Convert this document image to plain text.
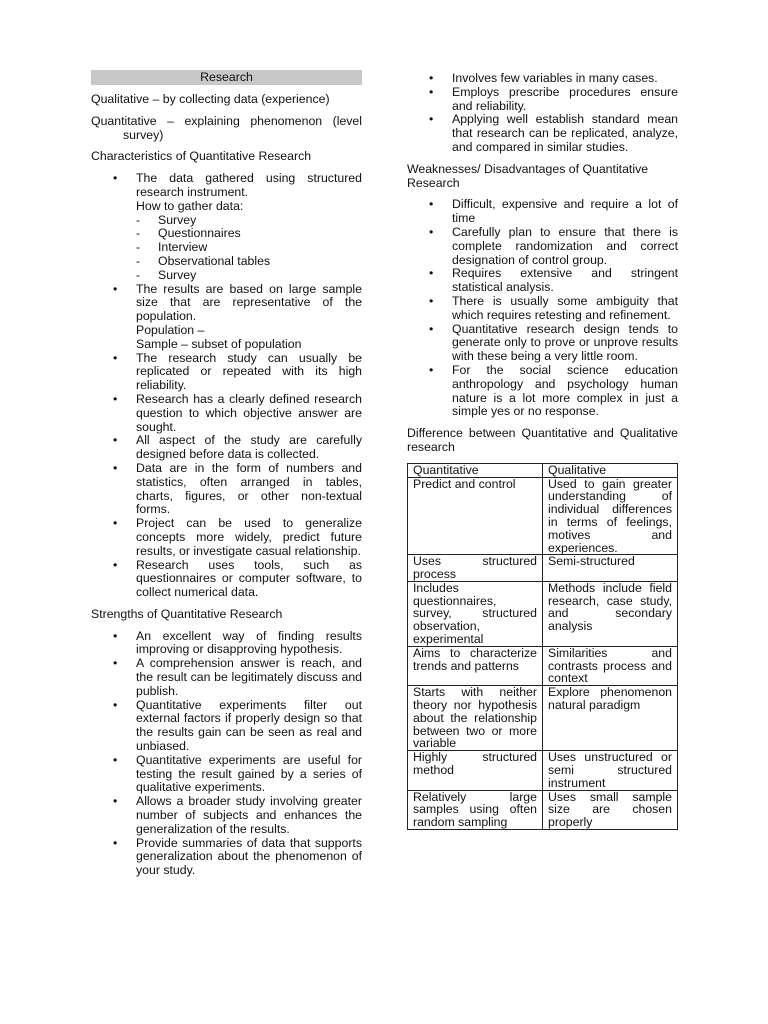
Research

Qualitative – by collecting data (experience)

Quantitative – explaining phenomenon (level survey)

Characteristics of Quantitative Research

• The data gathered using structured research instrument.
How to gather data:
- Survey
- Questionnaires
- Interview
- Observational tables
- Survey
• The results are based on large sample size that are representative of the population.
Population –
Sample – subset of population
• The research study can usually be replicated or repeated with its high reliability.
• Research has a clearly defined research question to which objective answer are sought.
• All aspect of the study are carefully designed before data is collected.
• Data are in the form of numbers and statistics, often arranged in tables, charts, figures, or other non-textual forms.
• Project can be used to generalize concepts more widely, predict future results, or investigate casual relationship.
• Research uses tools, such as questionnaires or computer software, to collect numerical data.

Strengths of Quantitative Research

• An excellent way of finding results improving or disapproving hypothesis.
• A comprehension answer is reach, and the result can be legitimately discuss and publish.
• Quantitative experiments filter out external factors if properly design so that the results gain can be seen as real and unbiased.
• Quantitative experiments are useful for testing the result gained by a series of qualitative experiments.
• Allows a broader study involving greater number of subjects and enhances the generalization of the results.
• Provide summaries of data that supports generalization about the phenomenon of your study.
• Involves few variables in many cases.
• Employs prescribe procedures ensure and reliability.
• Applying well establish standard mean that research can be replicated, analyze, and compared in similar studies.

Weaknesses/ Disadvantages of Quantitative Research

• Difficult, expensive and require a lot of time
• Carefully plan to ensure that there is complete randomization and correct designation of control group.
• Requires extensive and stringent statistical analysis.
• There is usually some ambiguity that which requires retesting and refinement.
• Quantitative research design tends to generate only to prove or unprove results with these being a very little room.
• For the social science education anthropology and psychology human nature is a lot more complex in just a simple yes or no response.

Difference between Quantitative and Qualitative research

Quantitative	Qualitative
Predict and control	Used to gain greater understanding of individual differences in terms of feelings, motives and experiences.
Uses structured process	Semi-structured
Includes questionnaires, survey, structured observation, experimental	Methods include field research, case study, and secondary analysis
Aims to characterize trends and patterns	Similarities and contrasts process and context
Starts with neither theory nor hypothesis about the relationship between two or more variable	Explore phenomenon natural paradigm
Highly structured method	Uses unstructured or semi structured instrument
Relatively large samples using often random sampling	Uses small sample size are chosen properly
